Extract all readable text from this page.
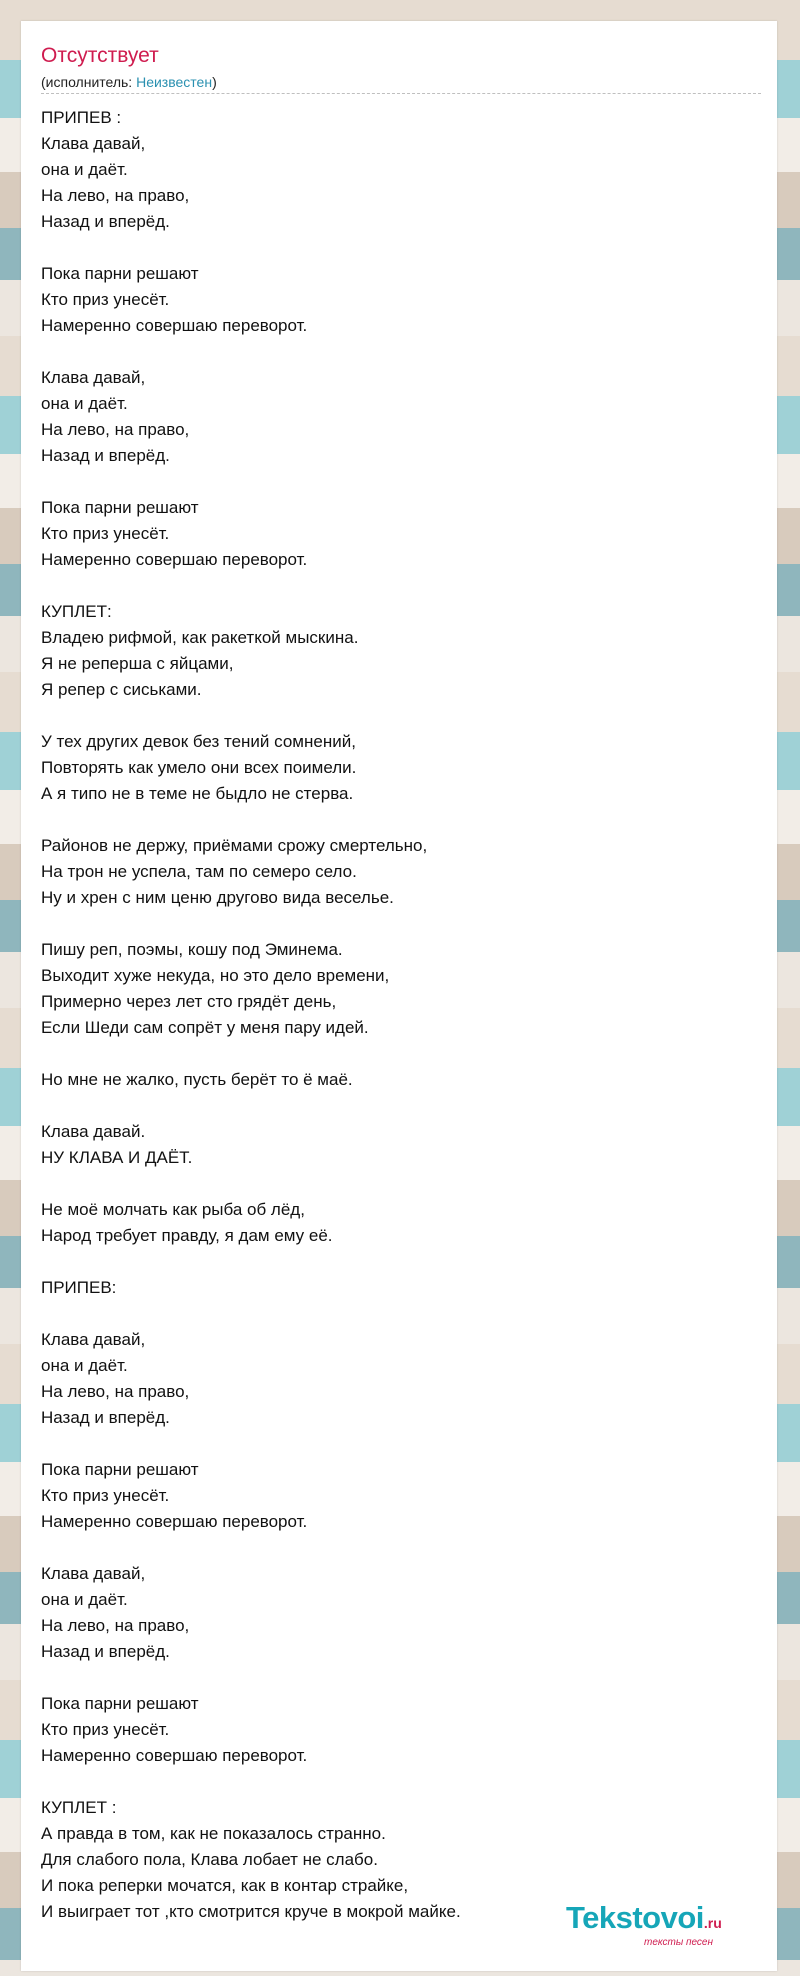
Отсутствует
(исполнитель: Неизвестен)
ПРИПЕВ :
Клава давай,
она и даёт.
На лево, на право,
Назад и вперёд.

Пока парни решают
Кто приз унесёт.
Намеренно совершаю переворот.

Клава давай,
она и даёт.
На лево, на право,
Назад и вперёд.

Пока парни решают
Кто приз унесёт.
Намеренно совершаю переворот.

КУПЛЕТ:
Владею рифмой, как ракеткой мыскина.
Я не реперша с яйцами,
Я репер с сиськами.

У тех других девок без тений сомнений,
Повторять как умело они всех поимели.
А я типо не в теме не быдло не стерва.

Районов не держу, приёмами срожу смертельно,
На трон не успела, там по семеро село.
Ну и хрен с ним ценю другово вида веселье.

Пишу реп, поэмы, кошу под Эминема.
Выходит хуже некуда, но это дело времени,
Примерно через лет сто грядёт день,
Если Шеди сам сопрёт у меня пару идей.

Но мне не жалко, пусть берёт то ё маё.

Клава давай.
НУ КЛАВА И ДАЁТ.

Не моё молчать как рыба об лёд,
Народ требует правду, я дам ему её.

ПРИПЕВ:

Клава давай,
она и даёт.
На лево, на право,
Назад и вперёд.

Пока парни решают
Кто приз унесёт.
Намеренно совершаю переворот.

Клава давай,
она и даёт.
На лево, на право,
Назад и вперёд.

Пока парни решают
Кто приз унесёт.
Намеренно совершаю переворот.

КУПЛЕТ :
А правда в том, как не показалось странно.
Для слабого пола, Клава лобает не слабо.
И пока реперки мочатся, как в контар страйке,
И выиграет тот ,кто смотрится круче в мокрой майке.	Tekstovoi.ru
тексты песен
